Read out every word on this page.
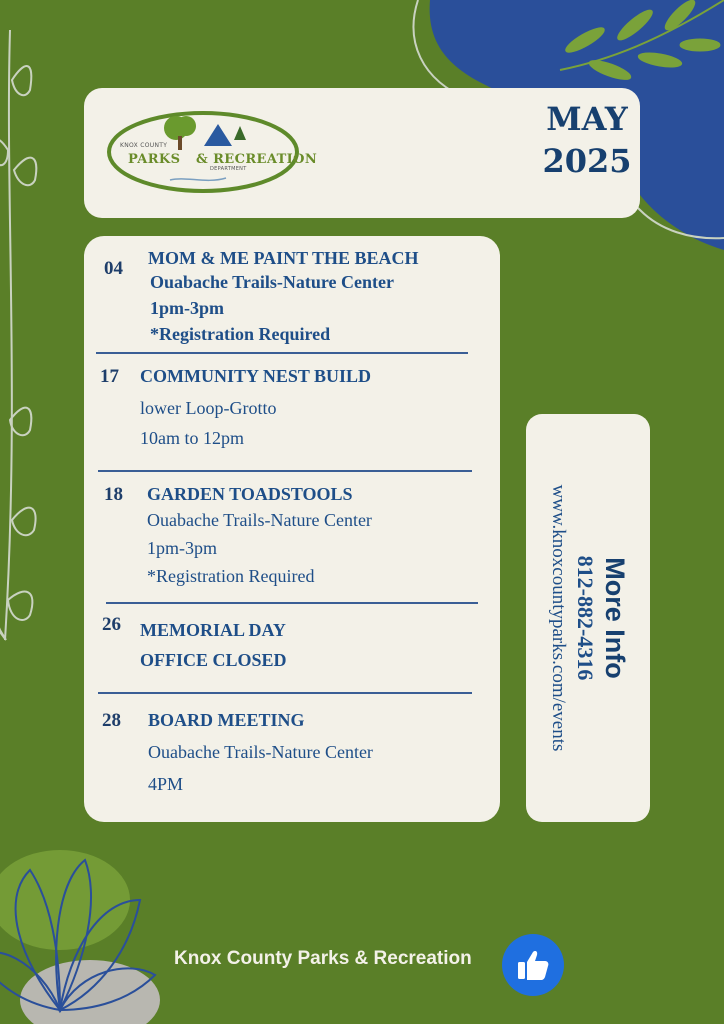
KNOX COUNTY
PARKS & RECREATION
DEPARTMENT
MAY
2025
04 MOM & ME PAINT THE BEACH
Ouabache Trails-Nature Center
1pm-3pm
*Registration Required
17 COMMUNITY NEST BUILD
lower Loop-Grotto
10am to 12pm
18 GARDEN TOADSTOOLS
Ouabache Trails-Nature Center
1pm-3pm
*Registration Required
26 MEMORIAL DAY
OFFICE CLOSED
28 BOARD MEETING
Ouabache Trails-Nature Center
4PM
More Info
812-882-4316
www.knoxcountyparks.com/events
Knox County Parks & Recreation
